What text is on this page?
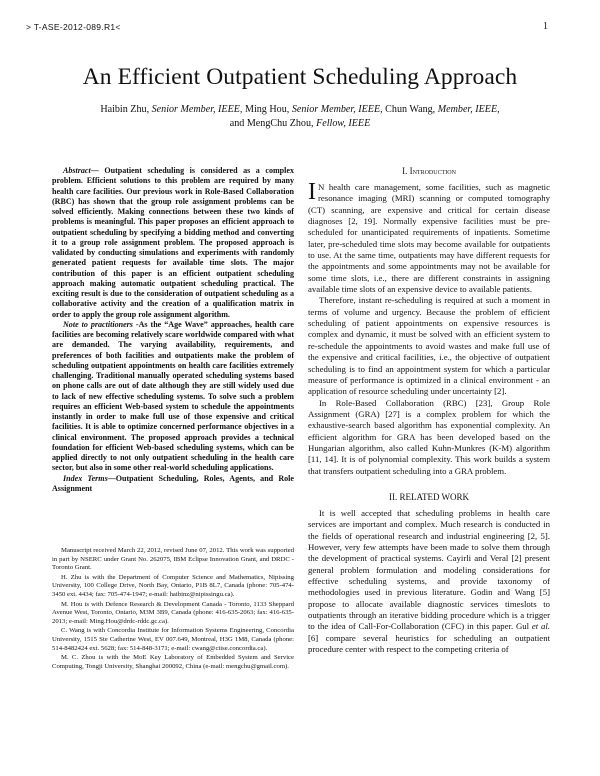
> T-ASE-2012-089.R1<	1
An Efficient Outpatient Scheduling Approach
Haibin Zhu, Senior Member, IEEE, Ming Hou, Senior Member, IEEE, Chun Wang, Member, IEEE,
and MengChu Zhou, Fellow, IEEE

Abstract— Outpatient scheduling is considered as a complex problem. Efficient solutions to this problem are required by many health care facilities. Our previous work in Role-Based Collaboration (RBC) has shown that the group role assignment problems can be solved efficiently. Making connections between these two kinds of problems is meaningful. This paper proposes an efficient approach to outpatient scheduling by specifying a bidding method and converting it to a group role assignment problem. The proposed approach is validated by conducting simulations and experiments with randomly generated patient requests for available time slots. The major contribution of this paper is an efficient outpatient scheduling approach making automatic outpatient scheduling practical. The exciting result is due to the consideration of outpatient scheduling as a collaborative activity and the creation of a qualification matrix in order to apply the group role assignment algorithm.

Note to practitioners -As the “Age Wave” approaches, health care facilities are becoming relatively scare worldwide compared with what are demanded. The varying availability, requirements, and preferences of both facilities and outpatients make the problem of scheduling outpatient appointments on health care facilities extremely challenging. Traditional manually operated scheduling systems based on phone calls are out of date although they are still widely used due to lack of new effective scheduling systems. To solve such a problem requires an efficient Web-based system to schedule the appointments instantly in order to make full use of those expensive and critical facilities. It is able to optimize concerned performance objectives in a clinical environment. The proposed approach provides a technical foundation for efficient Web-based scheduling systems, which can be applied directly to not only outpatient scheduling in the health care sector, but also in some other real-world scheduling applications.

Index Terms—Outpatient Scheduling, Roles, Agents, and Role Assignment

Manuscript received March 22, 2012, revised June 07, 2012. This work was supported in part by NSERC under Grant No. 262075, IBM Eclipse Innovation Grant, and DRDC - Toronto Grant.

H. Zhu is with the Department of Computer Science and Mathematics, Nipissing University, 100 College Drive, North Bay, Ontario, P1B 8L7, Canada (phone: 705-474-3450 ext. 4434; fax: 705-474-1947; e-mail: haibinz@nipissingu.ca).

M. Hou is with Defence Research & Development Canada - Toronto, 1133 Sheppard Avenue West, Toronto, Ontario, M3M 3B9, Canada (phone: 416-635-2063; fax: 416-635-2013; e-mail: Ming.Hou@drdc-rddc.gc.ca).

C. Wang is with Concordia Institute for Information Systems Engineering, Concordia University, 1515 Ste Catherine West, EV 007.649, Montreal, H3G 1M8, Canada (phone: 514-8482424 ext. 5628; fax: 514-848-3171; e-mail: cwang@ciise.concordia.ca).

M. C. Zhou is with the MoE Key Laboratory of Embedded System and Service Computing, Tongji University, Shanghai 200092, China (e-mail: mengchu@gmail.com).

I. Introduction

I N health care management, some facilities, such as magnetic resonance imaging (MRI) scanning or computed tomography (CT) scanning, are expensive and critical for certain disease diagnoses [2, 19]. Normally expensive facilities must be pre-scheduled for unanticipated requirements of inpatients. Sometime later, pre-scheduled time slots may become available for outpatients to use. At the same time, outpatients may have different requests for the appointments and some appointments may not be available for some time slots, i.e., there are different constraints in assigning available time slots of an expensive device to available patients.

Therefore, instant re-scheduling is required at such a moment in terms of volume and urgency. Because the problem of efficient scheduling of patient appointments on expensive resources is complex and dynamic, it must be solved with an efficient system to re-schedule the appointments to avoid wastes and make full use of the expensive and critical facilities, i.e., the objective of outpatient scheduling is to find an appointment system for which a particular measure of performance is optimized in a clinical environment - an application of resource scheduling under uncertainty [2].

In Role-Based Collaboration (RBC) [23], Group Role Assignment (GRA) [27] is a complex problem for which the exhaustive-search based algorithm has exponential complexity. An efficient algorithm for GRA has been developed based on the Hungarian algorithm, also called Kuhn-Munkres (K-M) algorithm [11, 14]. It is of polynomial complexity. This work builds a system that transfers outpatient scheduling into a GRA problem.

II. RELATED WORK

It is well accepted that scheduling problems in health care services are important and complex. Much research is conducted in the fields of operational research and industrial engineering [2, 5]. However, very few attempts have been made to solve them through the development of practical systems. Cayirli and Veral [2] present general problem formulation and modeling considerations for effective scheduling systems, and provide taxonomy of methodologies used in previous literature. Godin and Wang [5] propose to allocate available diagnostic services timeslots to outpatients through an iterative bidding procedure which is a trigger to the idea of Call-For-Collaboration (CFC) in this paper. Gul et al. [6] compare several heuristics for scheduling an outpatient procedure center with respect to the competing criteria of
